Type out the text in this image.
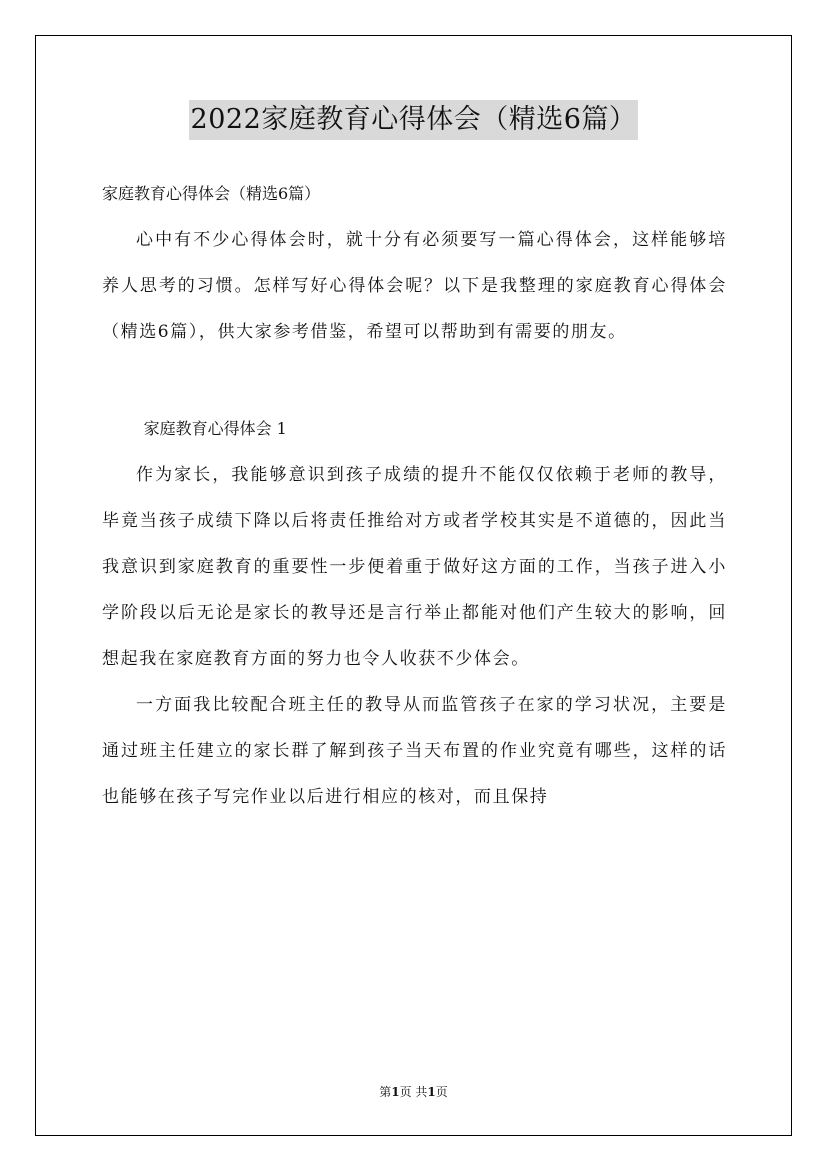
2022家庭教育心得体会（精选6篇）

家庭教育心得体会（精选6篇）

心中有不少心得体会时，就十分有必须要写一篇心得体会，这样能够培养人思考的习惯。怎样写好心得体会呢？以下是我整理的家庭教育心得体会（精选6篇），供大家参考借鉴，希望可以帮助到有需要的朋友。

家庭教育心得体会 1

作为家长，我能够意识到孩子成绩的提升不能仅仅依赖于老师的教导，毕竟当孩子成绩下降以后将责任推给对方或者学校其实是不道德的，因此当我意识到家庭教育的重要性一步便着重于做好这方面的工作，当孩子进入小学阶段以后无论是家长的教导还是言行举止都能对他们产生较大的影响，回想起我在家庭教育方面的努力也令人收获不少体会。

一方面我比较配合班主任的教导从而监管孩子在家的学习状况，主要是通过班主任建立的家长群了解到孩子当天布置的作业究竟有哪些，这样的话也能够在孩子写完作业以后进行相应的核对，而且保持

第1页 共1页
